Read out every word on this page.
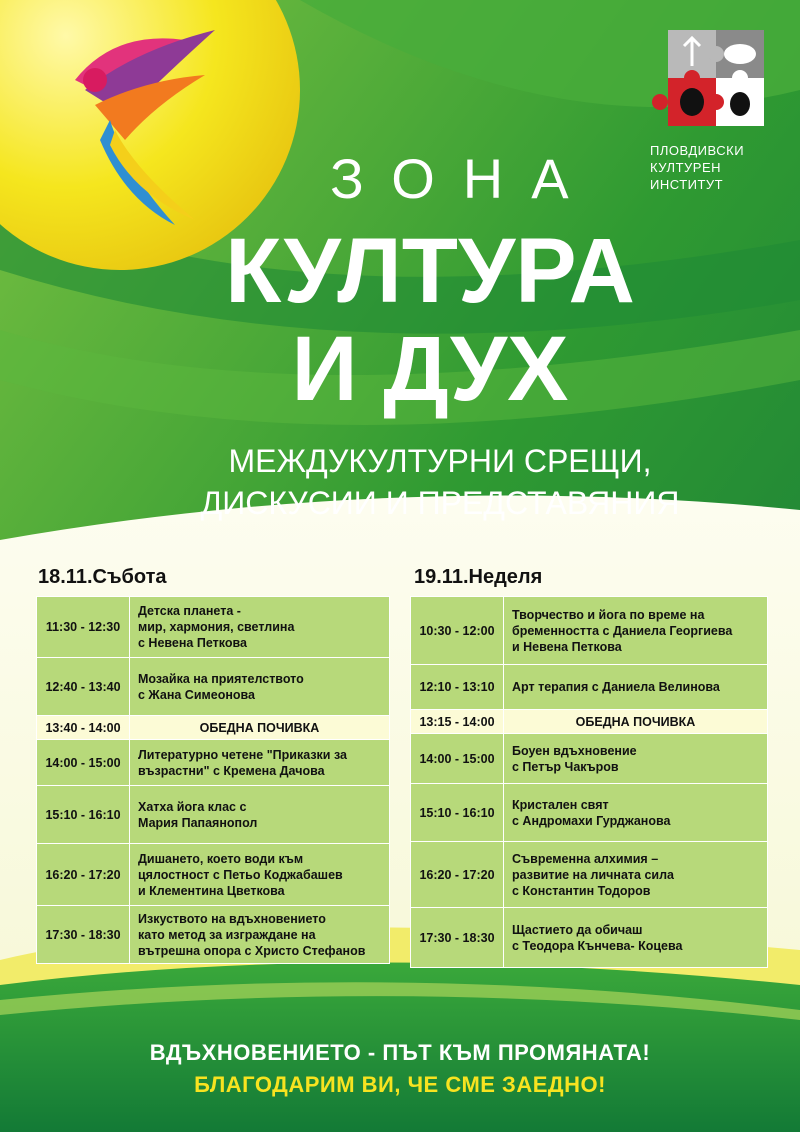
ПЛОВДИВСКИ
КУЛТУРЕН
ИНСТИТУТ
ЗОНА
КУЛТУРА
И ДУХ
МЕЖДУКУЛТУРНИ СРЕЩИ,
ДИСКУСИИ И ПРЕДСТАВЯНИЯ
18.11.Събота
11:30 - 12:30	Детска планета -
мир, хармония, светлина
с Невена Петкова

12:40 - 13:40	Мозайка на приятелството
с Жана Симеонова

13:40 - 14:00	ОБЕДНА ПОЧИВКА

14:00 - 15:00	Литературно четене "Приказки за
възрастни" с Кремена Дачова

15:10 - 16:10	Хатха йога клас с
Мария Папаянопол

16:20 - 17:20	Дишането, което води към
цялостност с Петьо Коджабашев
и Клементина Цветкова

17:30 - 18:30	Изкуството на вдъхновението
като метод за изграждане на
вътрешна опора с Христо Стефанов
19.11.Неделя
10:30 - 12:00	Творчество и йога по време на
бременността с Даниела Георгиева
и Невена Петкова

12:10 - 13:10	Арт терапия с Даниела Велинова

13:15 - 14:00	ОБЕДНА ПОЧИВКА

14:00 - 15:00	Боуен вдъхновение
с Петър Чакъров

15:10 - 16:10	Кристален свят
с Андромахи Гурджанова

16:20 - 17:20	Съвременна алхимия –
развитие на личната сила
с Константин Тодоров

17:30 - 18:30	Щастието да обичаш
с Теодора Кънчева- Коцева
ВДЪХНОВЕНИЕТО - ПЪТ КЪМ ПРОМЯНАТА!
БЛАГОДАРИМ ВИ, ЧЕ СМЕ ЗАЕДНО!
